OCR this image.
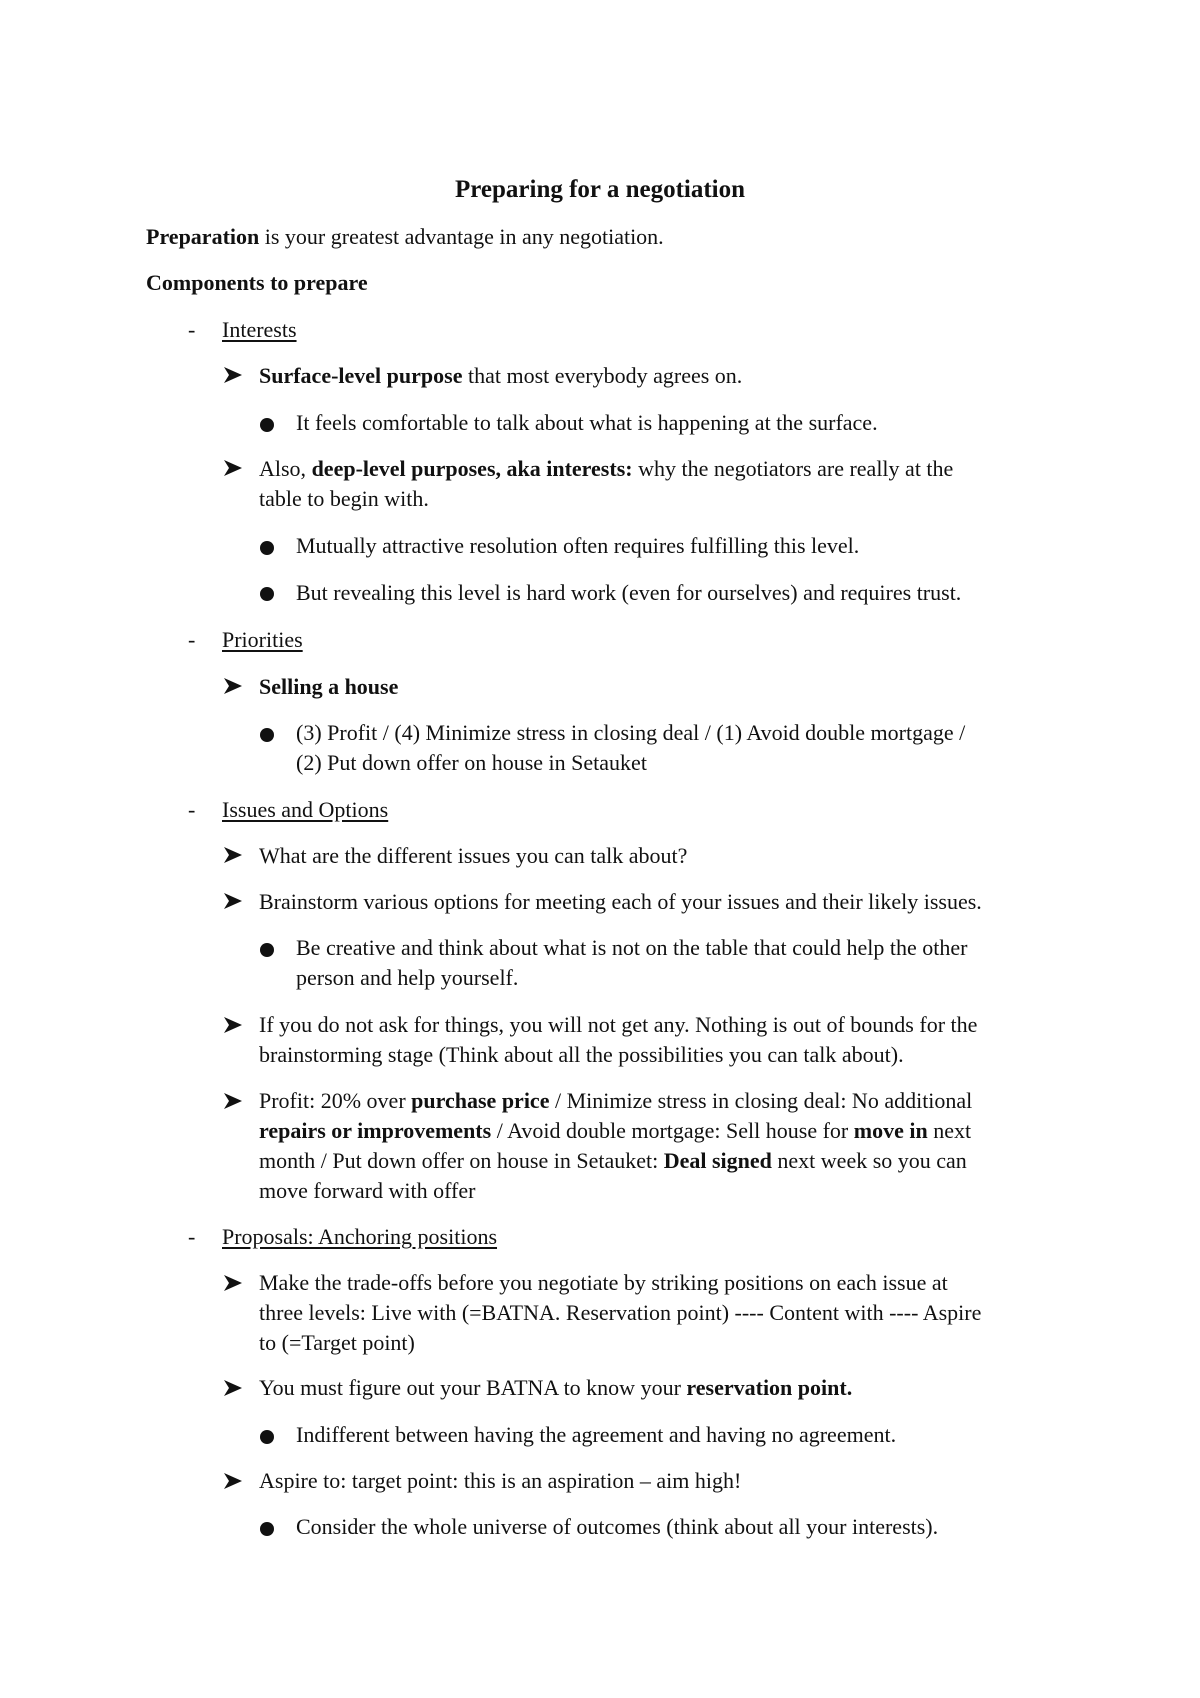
Preparing for a negotiation

Preparation is your greatest advantage in any negotiation.

Components to prepare

-	Interests

Surface-level purpose that most everybody agrees on.

It feels comfortable to talk about what is happening at the surface.

Also, deep-level purposes, aka interests: why the negotiators are really at the

table to begin with.

Mutually attractive resolution often requires fulfilling this level.

But revealing this level is hard work (even for ourselves) and requires trust.

-	Priorities

Selling a house

(3) Profit / (4) Minimize stress in closing deal / (1) Avoid double mortgage /

(2) Put down offer on house in Setauket

-	Issues and Options

What are the different issues you can talk about?

Brainstorm various options for meeting each of your issues and their likely issues.

Be creative and think about what is not on the table that could help the other

person and help yourself.

If you do not ask for things, you will not get any. Nothing is out of bounds for the

brainstorming stage (Think about all the possibilities you can talk about).

Profit: 20% over purchase price / Minimize stress in closing deal: No additional

repairs or improvements / Avoid double mortgage: Sell house for move in next

month / Put down offer on house in Setauket: Deal signed next week so you can

move forward with offer

-	Proposals: Anchoring positions

Make the trade-offs before you negotiate by striking positions on each issue at

three levels: Live with (=BATNA. Reservation point) ---- Content with ---- Aspire

to (=Target point)

You must figure out your BATNA to know your reservation point.

Indifferent between having the agreement and having no agreement.

Aspire to: target point: this is an aspiration – aim high!

Consider the whole universe of outcomes (think about all your interests).
